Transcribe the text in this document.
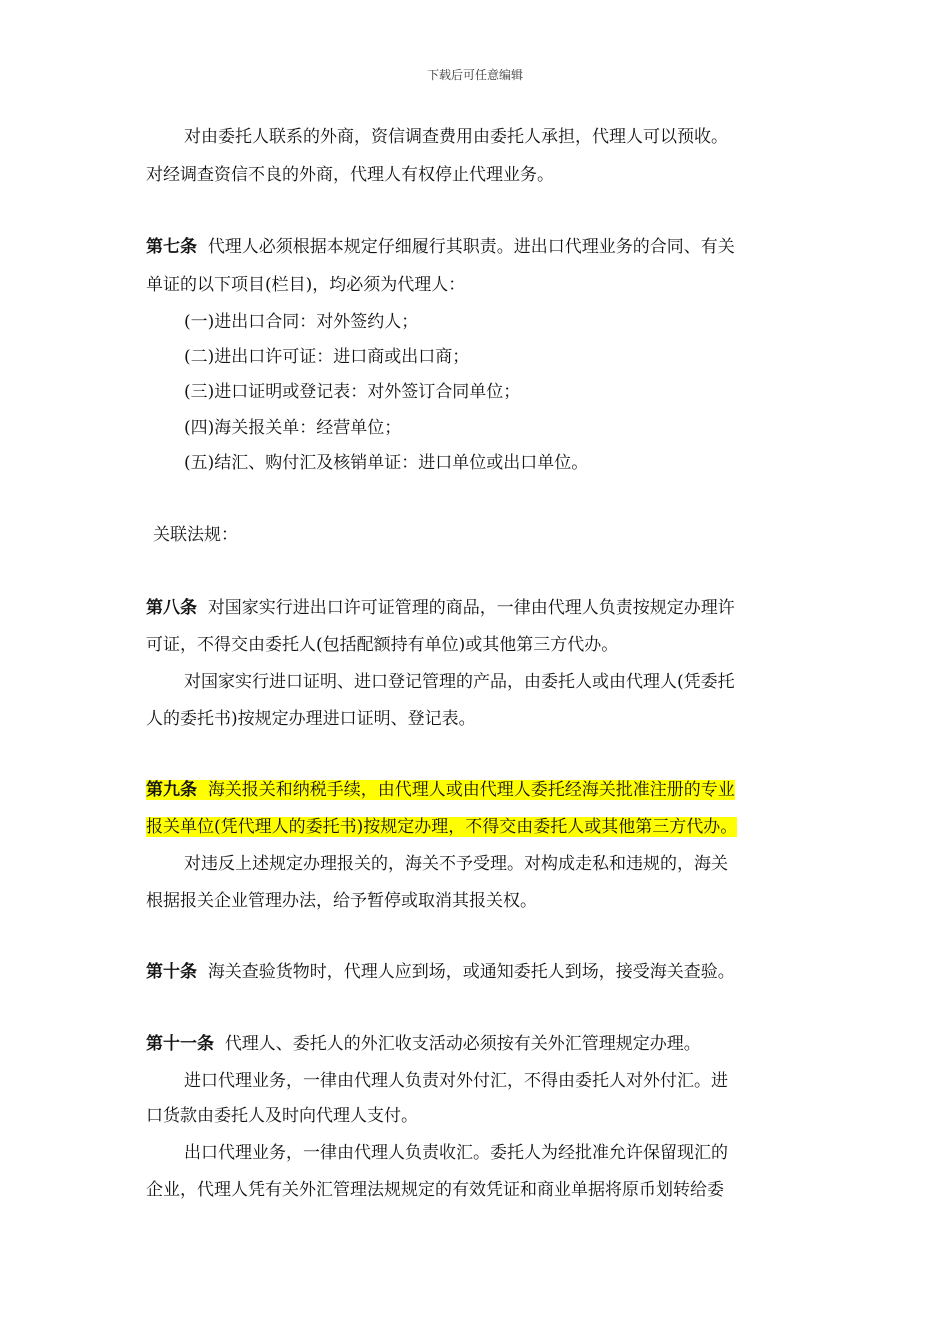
下载后可任意编辑
对由委托人联系的外商，资信调查费用由委托人承担，代理人可以预收。
对经调查资信不良的外商，代理人有权停止代理业务。
第七条 代理人必须根据本规定仔细履行其职责。进出口代理业务的合同、有关
单证的以下项目(栏目)，均必须为代理人：
(一)进出口合同：对外签约人；
(二)进出口许可证：进口商或出口商；
(三)进口证明或登记表：对外签订合同单位；
(四)海关报关单：经营单位；
(五)结汇、购付汇及核销单证：进口单位或出口单位。
关联法规：
第八条 对国家实行进出口许可证管理的商品，一律由代理人负责按规定办理许
可证，不得交由委托人(包括配额持有单位)或其他第三方代办。
对国家实行进口证明、进口登记管理的产品，由委托人或由代理人(凭委托
人的委托书)按规定办理进口证明、登记表。
第九条 海关报关和纳税手续，由代理人或由代理人委托经海关批准注册的专业
报关单位(凭代理人的委托书)按规定办理，不得交由委托人或其他第三方代办。
对违反上述规定办理报关的，海关不予受理。对构成走私和违规的，海关
根据报关企业管理办法，给予暂停或取消其报关权。
第十条 海关查验货物时，代理人应到场，或通知委托人到场，接受海关查验。
第十一条 代理人、委托人的外汇收支活动必须按有关外汇管理规定办理。
进口代理业务，一律由代理人负责对外付汇，不得由委托人对外付汇。进
口货款由委托人及时向代理人支付。
出口代理业务，一律由代理人负责收汇。委托人为经批准允许保留现汇的
企业，代理人凭有关外汇管理法规规定的有效凭证和商业单据将原币划转给委
